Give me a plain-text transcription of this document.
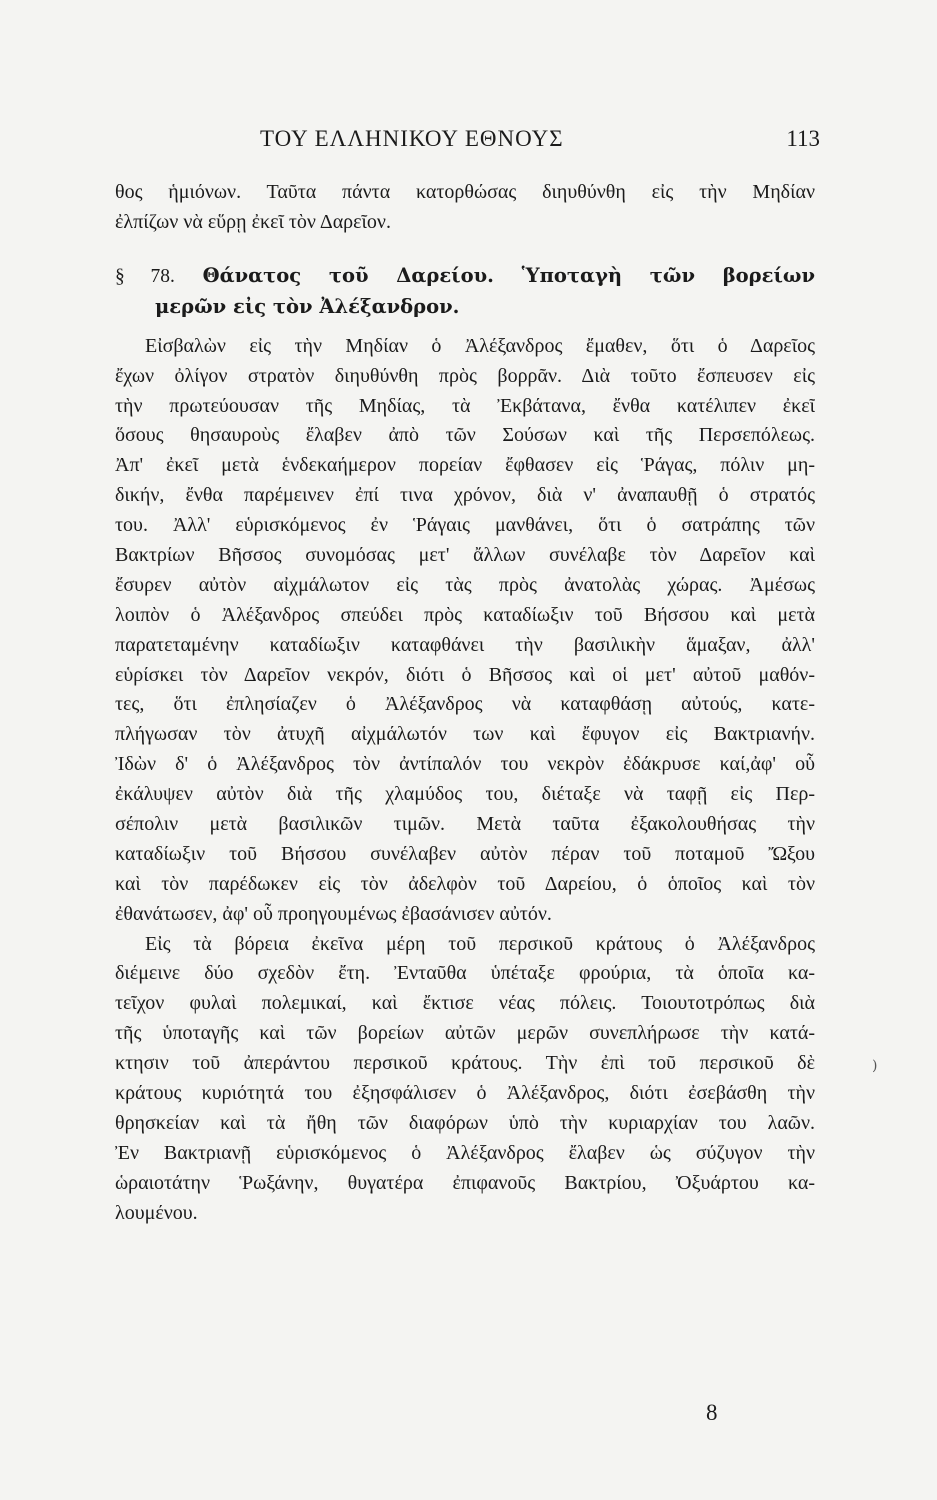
ΤΟΥ ΕΛΛΗΝΙΚΟΥ ΕΘΝΟΥΣ	113
θος ἡμιόνων. Ταῦτα πάντα κατορθώσας διηυθύνθη εἰς τὴν Μηδίαν
ἐλπίζων νὰ εὕρῃ ἐκεῖ τὸν Δαρεῖον.
§ 78. Θάνατος τοῦ Δαρείου. Ὑποταγὴ τῶν βορείων
μερῶν εἰς τὸν Ἀλέξανδρον.
Εἰσβαλὼν εἰς τὴν Μηδίαν ὁ Ἀλέξανδρος ἔμαθεν, ὅτι ὁ Δαρεῖος
ἔχων ὀλίγον στρατὸν διηυθύνθη πρὸς βορρᾶν. Διὰ τοῦτο ἔσπευσεν εἰς
τὴν πρωτεύουσαν τῆς Μηδίας, τὰ Ἐκβάτανα, ἔνθα κατέλιπεν ἐκεῖ
ὅσους θησαυροὺς ἔλαβεν ἀπὸ τῶν Σούσων καὶ τῆς Περσεπόλεως.
Ἀπ' ἐκεῖ μετὰ ἑνδεκαήμερον πορείαν ἔφθασεν εἰς Ῥάγας, πόλιν μη-
δικήν, ἔνθα παρέμεινεν ἐπί τινα χρόνον, διὰ ν' ἀναπαυθῇ ὁ στρατός
του. Ἀλλ' εὑρισκόμενος ἐν Ῥάγαις μανθάνει, ὅτι ὁ σατράπης τῶν
Βακτρίων Βῆσσος συνομόσας μετ' ἄλλων συνέλαβε τὸν Δαρεῖον καὶ
ἔσυρεν αὐτὸν αἰχμάλωτον εἰς τὰς πρὸς ἀνατολὰς χώρας. Ἀμέσως
λοιπὸν ὁ Ἀλέξανδρος σπεύδει πρὸς καταδίωξιν τοῦ Βήσσου καὶ μετὰ
παρατεταμένην καταδίωξιν καταφθάνει τὴν βασιλικὴν ἅμαξαν, ἀλλ'
εὑρίσκει τὸν Δαρεῖον νεκρόν, διότι ὁ Βῆσσος καὶ οἱ μετ' αὐτοῦ μαθόν-
τες, ὅτι ἐπλησίαζεν ὁ Ἀλέξανδρος νὰ καταφθάσῃ αὐτούς, κατε-
πλήγωσαν τὸν ἀτυχῆ αἰχμάλωτόν των καὶ ἔφυγον εἰς Βακτριανήν.
Ἰδὼν δ' ὁ Ἀλέξανδρος τὸν ἀντίπαλόν του νεκρὸν ἐδάκρυσε καί,ἀφ' οὗ
ἐκάλυψεν αὐτὸν διὰ τῆς χλαμύδος του, διέταξε νὰ ταφῇ εἰς Περ-
σέπολιν μετὰ βασιλικῶν τιμῶν. Μετὰ ταῦτα ἐξακολουθήσας τὴν
καταδίωξιν τοῦ Βήσσου συνέλαβεν αὐτὸν πέραν τοῦ ποταμοῦ Ὤξου
καὶ τὸν παρέδωκεν εἰς τὸν ἀδελφὸν τοῦ Δαρείου, ὁ ὁποῖος καὶ τὸν
ἐθανάτωσεν, ἀφ' οὗ προηγουμένως ἐβασάνισεν αὐτόν.
Εἰς τὰ βόρεια ἐκεῖνα μέρη τοῦ περσικοῦ κράτους ὁ Ἀλέξανδρος
διέμεινε δύο σχεδὸν ἔτη. Ἐνταῦθα ὑπέταξε φρούρια, τὰ ὁποῖα κα-
τεῖχον φυλαὶ πολεμικαί, καὶ ἔκτισε νέας πόλεις. Τοιουτοτρόπως διὰ
τῆς ὑποταγῆς καὶ τῶν βορείων αὐτῶν μερῶν συνεπλήρωσε τὴν κατά-
κτησιν τοῦ ἀπεράντου περσικοῦ κράτους. Τὴν ἐπὶ τοῦ περσικοῦ δὲ
κράτους κυριότητά του ἐξησφάλισεν ὁ Ἀλέξανδρος, διότι ἐσεβάσθη τὴν
θρησκείαν καὶ τὰ ἤθη τῶν διαφόρων ὑπὸ τὴν κυριαρχίαν του λαῶν.
Ἐν Βακτριανῇ εὑρισκόμενος ὁ Ἀλέξανδρος ἔλαβεν ὡς σύζυγον τὴν
ὡραιοτάτην Ῥωξάνην, θυγατέρα ἐπιφανοῦς Βακτρίου, Ὀξυάρτου κα-
λουμένου.
)
8
